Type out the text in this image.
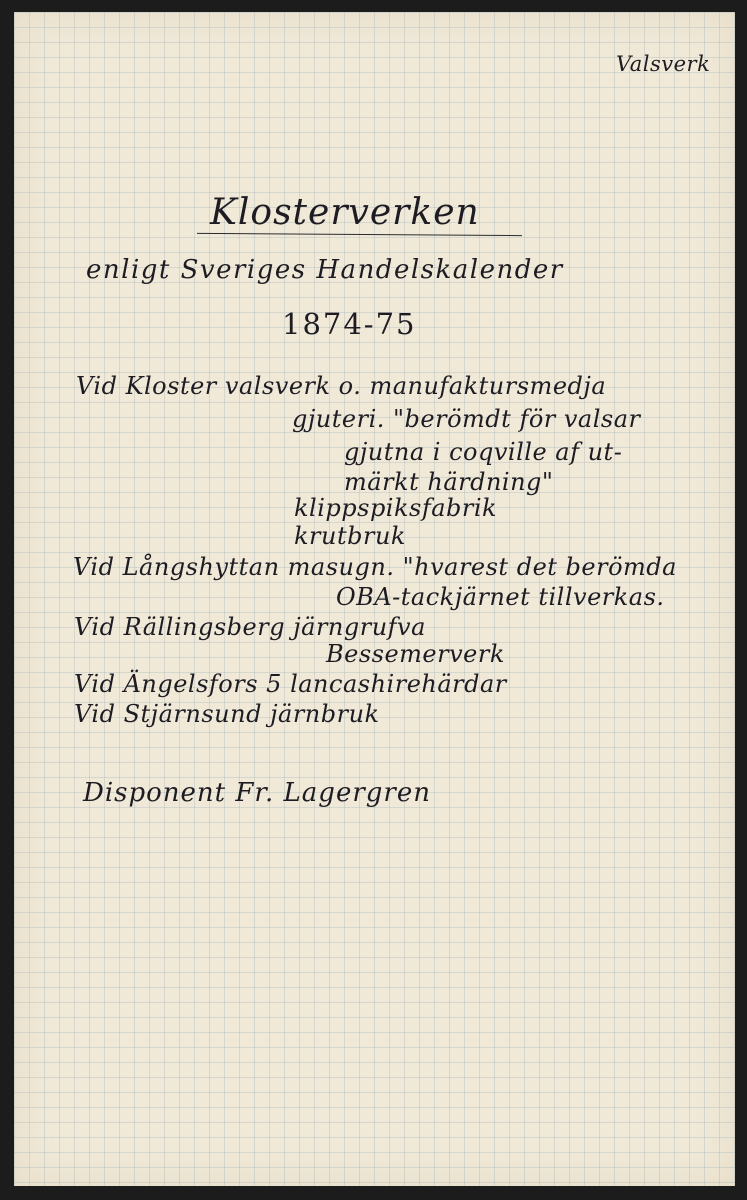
Valsverk
Klosterverken
enligt Sveriges Handelskalender
1874-75
Vid Kloster valsverk o. manufaktursmedja
gjuteri. "berömdt för valsar
gjutna i coqville af ut-
märkt härdning"
klippspiksfabrik
krutbruk
Vid Långshyttan masugn. "hvarest det berömda
OBA-tackjärnet tillverkas.
Vid Rällingsberg järngrufva
Bessemerverk
Vid Ängelsfors 5 lancashirehärdar
Vid Stjärnsund järnbruk
Disponent Fr. Lagergren
